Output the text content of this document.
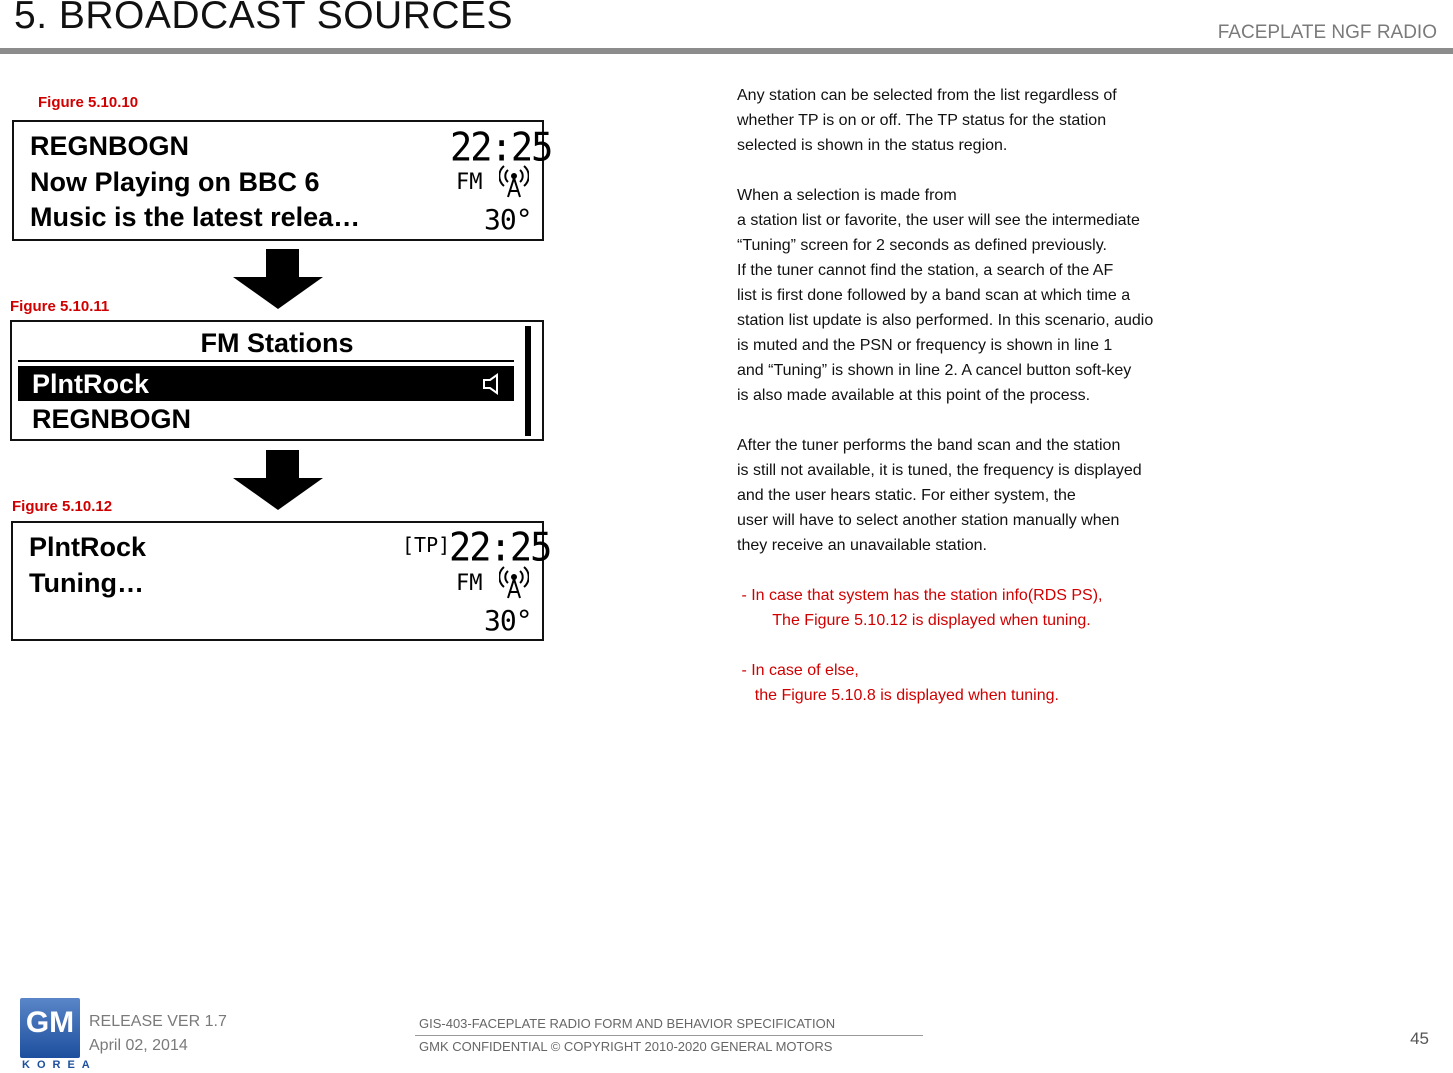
5. BROADCAST SOURCES	FACEPLATE NGF RADIO
Figure 5.10.10
REGNBOGN
Now Playing on BBC 6
Music is the latest relea…
22:25
FM
30°
Figure 5.10.11
FM Stations
PlntRock
REGNBOGN
Figure 5.10.12
PlntRock
Tuning…
[TP]
22:25
FM
30°

Any station can be selected from the list regardless of

whether TP is on or off. The TP status for the station

selected is shown in the status region.

When a selection is made from

a station list or favorite, the user will see the intermediate

“Tuning” screen for 2 seconds as defined previously.

If the tuner cannot find the station, a search of the AF

list is first done followed by a band scan at which time a

station list update is also performed. In this scenario, audio

is muted and the PSN or frequency is shown in line 1

and “Tuning” is shown in line 2. A cancel button soft-key

is also made available at this point of the process.

After the tuner performs the band scan and the station

is still not available, it is tuned, the frequency is displayed

and the user hears static. For either system, the

user will have to select another station manually when

they receive an unavailable station.

- In case that system has the station info(RDS PS),

The Figure 5.10.12 is displayed when tuning.

- In case of else,

the Figure 5.10.8 is displayed when tuning.

GM
KOREA
RELEASE VER 1.7
April 02, 2014
GIS-403-FACEPLATE RADIO FORM AND BEHAVIOR SPECIFICATION
GMK CONFIDENTIAL © COPYRIGHT 2010-2020 GENERAL MOTORS	45
